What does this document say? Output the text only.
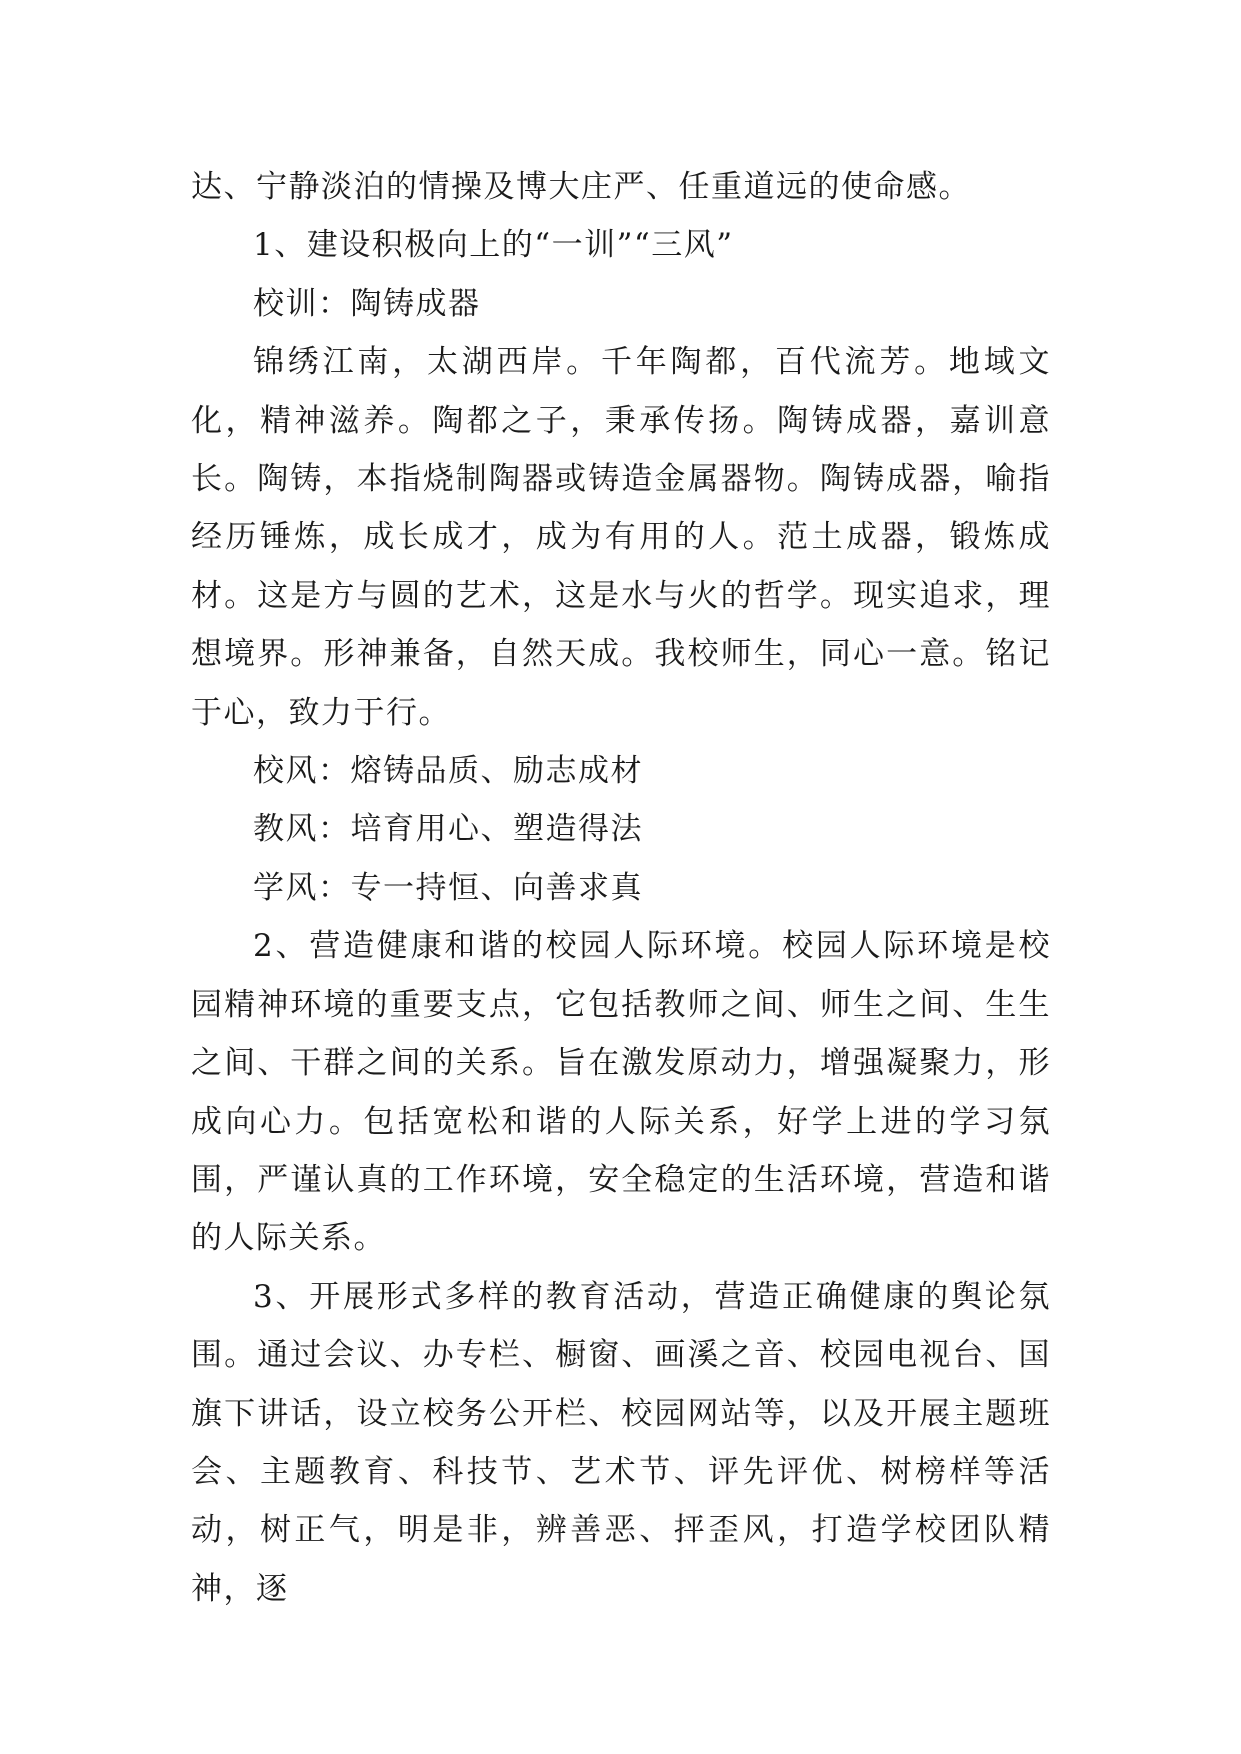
达、宁静淡泊的情操及博大庄严、任重道远的使命感。

1、建设积极向上的“一训”“三风”

校训：陶铸成器

锦绣江南，太湖西岸。千年陶都，百代流芳。地域文化，精神滋养。陶都之子，秉承传扬。陶铸成器，嘉训意长。陶铸，本指烧制陶器或铸造金属器物。陶铸成器，喻指经历锤炼，成长成才，成为有用的人。范土成器，锻炼成材。这是方与圆的艺术，这是水与火的哲学。现实追求，理想境界。形神兼备，自然天成。我校师生，同心一意。铭记于心，致力于行。

校风：熔铸品质、励志成材

教风：培育用心、塑造得法

学风：专一持恒、向善求真

2、营造健康和谐的校园人际环境。校园人际环境是校园精神环境的重要支点，它包括教师之间、师生之间、生生之间、干群之间的关系。旨在激发原动力，增强凝聚力，形成向心力。包括宽松和谐的人际关系，好学上进的学习氛围，严谨认真的工作环境，安全稳定的生活环境，营造和谐的人际关系。

3、开展形式多样的教育活动，营造正确健康的舆论氛围。通过会议、办专栏、橱窗、画溪之音、校园电视台、国旗下讲话，设立校务公开栏、校园网站等，以及开展主题班会、主题教育、科技节、艺术节、评先评优、树榜样等活动，树正气，明是非，辨善恶、抨歪风，打造学校团队精神，逐
